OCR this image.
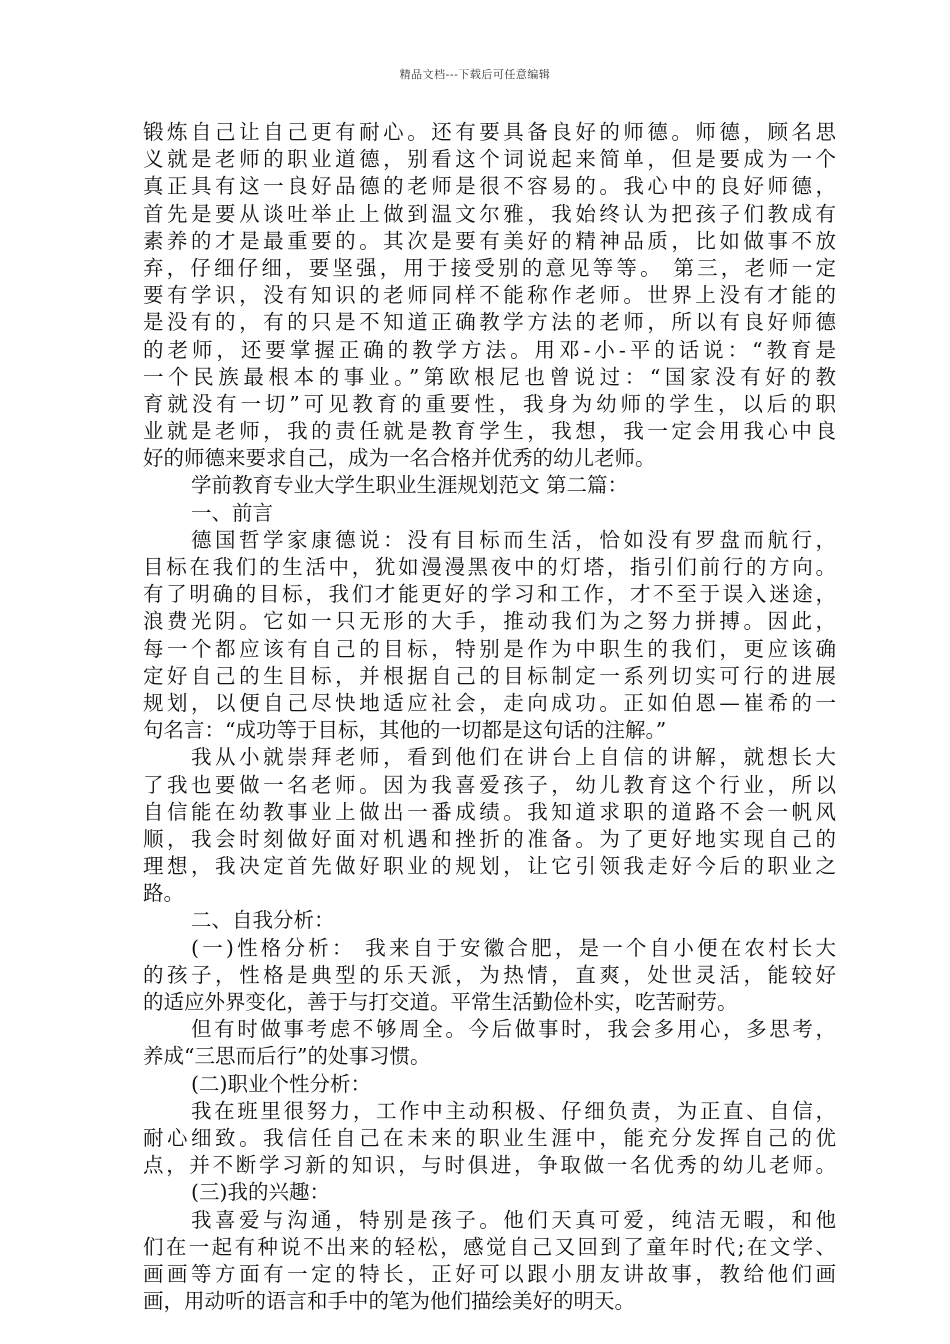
精品文档---下载后可任意编辑
锻炼自己让自己更有耐心。还有要具备良好的师德。师德，顾名思
义就是老师的职业道德，别看这个词说起来简单，但是要成为一个
真正具有这一良好品德的老师是很不容易的。我心中的良好师德，
首先是要从谈吐举止上做到温文尔雅，我始终认为把孩子们教成有
素养的才是最重要的。其次是要有美好的精神品质，比如做事不放
弃，仔细仔细，要坚强，用于接受别的意见等等。 第三，老师一定
要有学识，没有知识的老师同样不能称作老师。世界上没有才能的
是没有的，有的只是不知道正确教学方法的老师，所以有良好师德
的老师，还要掌握正确的教学方法。用邓-小-平的话说：“教育是
一个民族最根本的事业。”第欧根尼也曾说过：“国家没有好的教
育就没有一切”可见教育的重要性，我身为幼师的学生，以后的职
业就是老师，我的责任就是教育学生，我想，我一定会用我心中良
好的师德来要求自己，成为一名合格并优秀的幼儿老师。
学前教育专业大学生职业生涯规划范文 第二篇：
一、前言
德国哲学家康德说：没有目标而生活，恰如没有罗盘而航行，
目标在我们的生活中，犹如漫漫黑夜中的灯塔，指引们前行的方向。
有了明确的目标，我们才能更好的学习和工作，才不至于误入迷途，
浪费光阴。它如一只无形的大手，推动我们为之努力拼搏。因此，
每一个都应该有自己的目标，特别是作为中职生的我们，更应该确
定好自己的生目标，并根据自己的目标制定一系列切实可行的进展
规划，以便自己尽快地适应社会，走向成功。正如伯恩—崔希的一
句名言：“成功等于目标，其他的一切都是这句话的注解。”
我从小就崇拜老师，看到他们在讲台上自信的讲解，就想长大
了我也要做一名老师。因为我喜爱孩子，幼儿教育这个行业，所以
自信能在幼教事业上做出一番成绩。我知道求职的道路不会一帆风
顺，我会时刻做好面对机遇和挫折的准备。为了更好地实现自己的
理想，我决定首先做好职业的规划，让它引领我走好今后的职业之
路。
二、自我分析：
(一)性格分析： 我来自于安徽合肥，是一个自小便在农村长大
的孩子，性格是典型的乐天派，为热情，直爽，处世灵活，能较好
的适应外界变化，善于与打交道。平常生活勤俭朴实，吃苦耐劳。
但有时做事考虑不够周全。今后做事时，我会多用心，多思考，
养成“三思而后行”的处事习惯。
(二)职业个性分析：
我在班里很努力，工作中主动积极、仔细负责，为正直、自信，
耐心细致。我信任自己在未来的职业生涯中，能充分发挥自己的优
点，并不断学习新的知识，与时俱进，争取做一名优秀的幼儿老师。
(三)我的兴趣：
我喜爱与沟通，特别是孩子。他们天真可爱，纯洁无暇，和他
们在一起有种说不出来的轻松，感觉自己又回到了童年时代;在文学、
画画等方面有一定的特长，正好可以跟小朋友讲故事，教给他们画
画，用动听的语言和手中的笔为他们描绘美好的明天。
